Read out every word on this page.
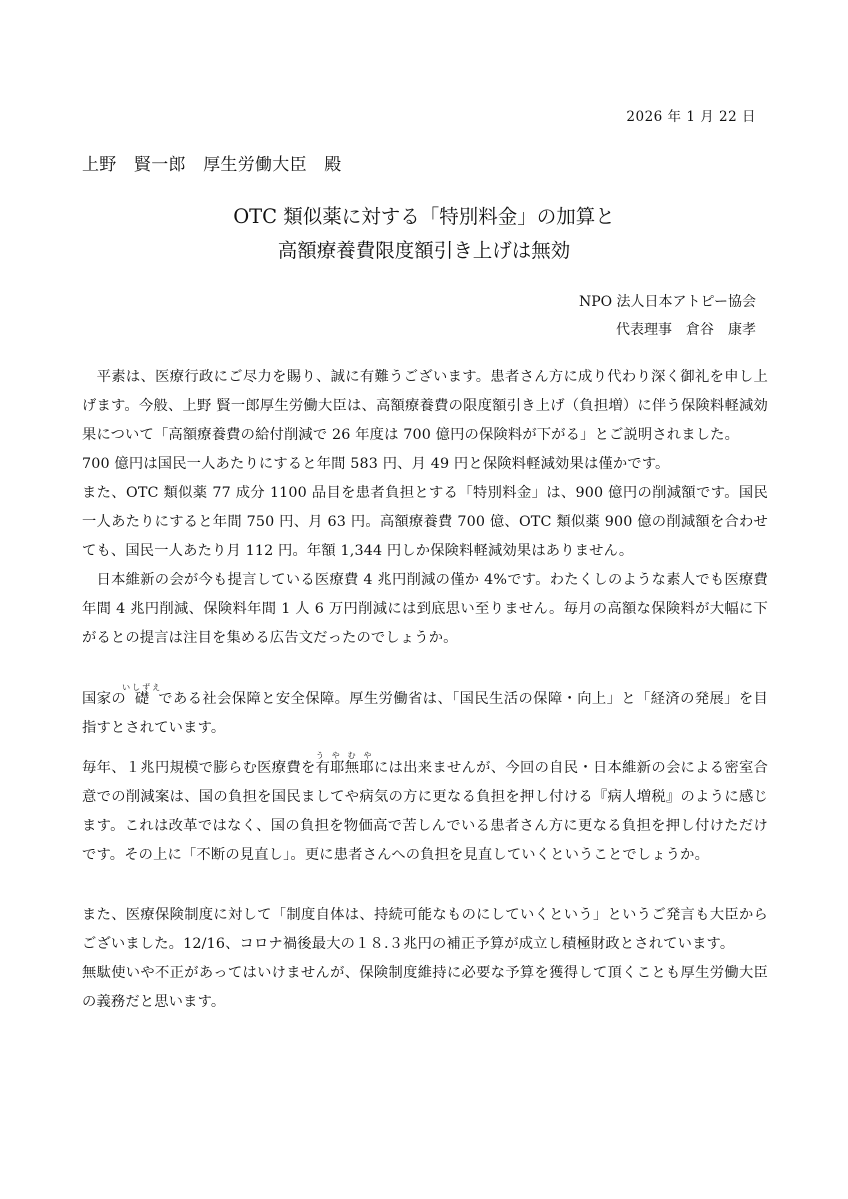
2026 年 1 月 22 日
上野　賢一郎　厚生労働大臣　殿
OTC 類似薬に対する「特別料金」の加算と
高額療養費限度額引き上げは無効
NPO 法人日本アトピー協会
代表理事　倉谷　康孝

　平素は、医療行政にご尽力を賜り、誠に有難うございます。患者さん方に成り代わり深く御礼を申し上げます。今般、上野 賢一郎厚生労働大臣は、高額療養費の限度額引き上げ（負担増）に伴う保険料軽減効果について「高額療養費の給付削減で 26 年度は 700 億円の保険料が下がる」とご説明されました。

700 億円は国民一人あたりにすると年間 583 円、月 49 円と保険料軽減効果は僅かです。

また、OTC 類似薬 77 成分 1100 品目を患者負担とする「特別料金」は、900 億円の削減額です。国民一人あたりにすると年間 750 円、月 63 円。高額療養費 700 億、OTC 類似薬 900 億の削減額を合わせても、国民一人あたり月 112 円。年額 1,344 円しか保険料軽減効果はありません。

　日本維新の会が今も提言している医療費 4 兆円削減の僅か 4%です。わたくしのような素人でも医療費年間 4 兆円削減、保険料年間 1 人 6 万円削減には到底思い至りません。毎月の高額な保険料が大幅に下がるとの提言は注目を集める広告文だったのでしょうか。

国家の礎いしずえである社会保障と安全保障。厚生労働省は、「国民生活の保障・向上」と「経済の発展」を目指すとされています。

毎年、１兆円規模で膨らむ医療費を有耶無耶う や む やには出来ませんが、今回の自民・日本維新の会による密室合意での削減案は、国の負担を国民ましてや病気の方に更なる負担を押し付ける『病人増税』のように感じます。これは改革ではなく、国の負担を物価高で苦しんでいる患者さん方に更なる負担を押し付けただけです。その上に「不断の見直し」。更に患者さんへの負担を見直していくということでしょうか。

また、医療保険制度に対して「制度自体は、持続可能なものにしていくという」というご発言も大臣からございました。12/16、コロナ禍後最大の１８.３兆円の補正予算が成立し積極財政とされています。

無駄使いや不正があってはいけませんが、保険制度維持に必要な予算を獲得して頂くことも厚生労働大臣の義務だと思います。
